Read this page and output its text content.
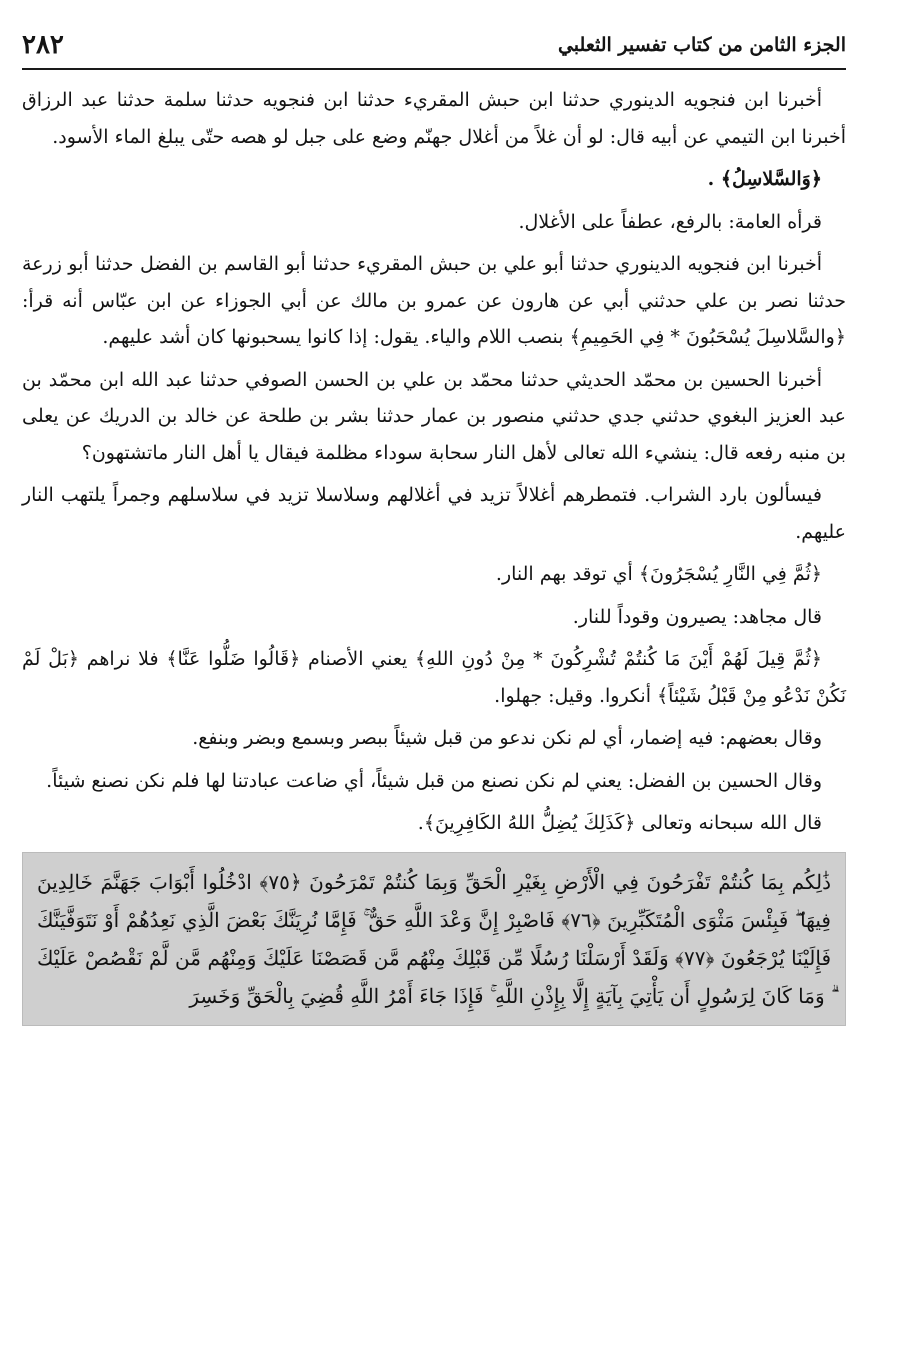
الجزء الثامن من كتاب تفسير الثعلبي
٢٨٢

أخبرنا ابن فنجويه الدينوري حدثنا ابن حبش المقريء حدثنا ابن فنجويه حدثنا سلمة حدثنا عبد الرزاق أخبرنا ابن التيمي عن أبيه قال: لو أن غلاً من أغلال جهنّم وضع على جبل لو هصه حتّى يبلغ الماء الأسود.

﴿وَالسَّلاسِلُ﴾ .

قرأه العامة: بالرفع، عطفاً على الأغلال.

أخبرنا ابن فنجويه الدينوري حدثنا أبو علي بن حبش المقريء حدثنا أبو القاسم بن الفضل حدثنا أبو زرعة حدثنا نصر بن علي حدثني أبي عن هارون عن عمرو بن مالك عن أبي الجوزاء عن ابن عبّاس أنه قرأ: ﴿والسَّلاسِلَ يُسْحَبُونَ * فِي الحَمِيمِ﴾ بنصب اللام والياء. يقول: إذا كانوا يسحبونها كان أشد عليهم.

أخبرنا الحسين بن محمّد الحديثي حدثنا محمّد بن علي بن الحسن الصوفي حدثنا عبد الله ابن محمّد بن عبد العزيز البغوي حدثني جدي حدثني منصور بن عمار حدثنا بشر بن طلحة عن خالد بن الدريك عن يعلى بن منبه رفعه قال: ينشيء الله تعالى لأهل النار سحابة سوداء مظلمة فيقال يا أهل النار ماتشتهون؟

فيسألون بارد الشراب. فتمطرهم أغلالاً تزيد في أغلالهم وسلاسلا تزيد في سلاسلهم وجمراً يلتهب النار عليهم.

﴿ثُمَّ فِي النَّارِ يُسْجَرُونَ﴾ أي توقد بهم النار.

قال مجاهد: يصيرون وقوداً للنار.

﴿ثُمَّ قِيلَ لَهُمْ أَيْنَ مَا كُنتُمْ تُشْرِكُونَ * مِنْ دُونِ اللهِ﴾ يعني الأصنام ﴿قَالُوا ضَلُّوا عَنَّا﴾ فلا نراهم ﴿بَلْ لَمْ نَكُنْ نَدْعُو مِنْ قَبْلُ شَيْئاً﴾ أنكروا. وقيل: جهلوا.

وقال بعضهم: فيه إضمار، أي لم نكن ندعو من قبل شيئاً ببصر وبسمع وبضر وبنفع.

وقال الحسين بن الفضل: يعني لم نكن نصنع من قبل شيئاً، أي ضاعت عبادتنا لها فلم نكن نصنع شيئاً.

قال الله سبحانه وتعالى ﴿كَذَلِكَ يُضِلُّ اللهُ الكَافِرِينَ﴾.

ذَٰلِكُم بِمَا كُنتُمْ تَفْرَحُونَ فِي الْأَرْضِ بِغَيْرِ الْحَقِّ وَبِمَا كُنتُمْ تَمْرَحُونَ ﴿٧٥﴾ ادْخُلُوا أَبْوَابَ جَهَنَّمَ خَالِدِينَ فِيهَا ۖ فَبِئْسَ مَثْوَى الْمُتَكَبِّرِينَ ﴿٧٦﴾ فَاصْبِرْ إِنَّ وَعْدَ اللَّهِ حَقٌّ ۚ فَإِمَّا نُرِيَنَّكَ بَعْضَ الَّذِي نَعِدُهُمْ أَوْ نَتَوَفَّيَنَّكَ فَإِلَيْنَا يُرْجَعُونَ ﴿٧٧﴾ وَلَقَدْ أَرْسَلْنَا رُسُلًا مِّن قَبْلِكَ مِنْهُم مَّن قَصَصْنَا عَلَيْكَ وَمِنْهُم مَّن لَّمْ نَقْصُصْ عَلَيْكَ ۗ وَمَا كَانَ لِرَسُولٍ أَن يَأْتِيَ بِآيَةٍ إِلَّا بِإِذْنِ اللَّهِ ۚ فَإِذَا جَاءَ أَمْرُ اللَّهِ قُضِيَ بِالْحَقِّ وَخَسِرَ
